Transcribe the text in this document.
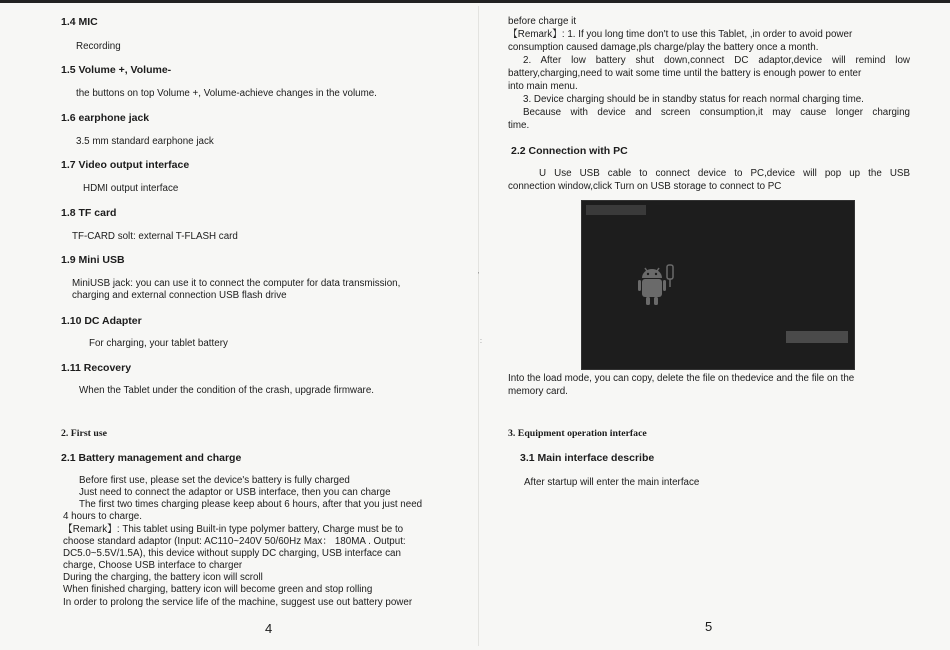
1.4 MIC
Recording
1.5 Volume +, Volume-
the buttons on top Volume +, Volume-achieve changes in the volume.
1.6 earphone jack
3.5 mm standard earphone jack
1.7 Video output interface
HDMI output interface
1.8 TF card
TF-CARD solt: external T-FLASH card
1.9 Mini USB
MiniUSB jack: you can use it to connect the computer for data transmission,
charging and external connection USB flash drive
1.10 DC Adapter
For charging, your tablet battery
1.11 Recovery
When the Tablet under the condition of the crash, upgrade firmware.
2. First use
2.1 Battery management and charge
Before first use, please set the device's battery is fully charged
Just need to connect the adaptor or USB interface, then you can charge
The first two times charging please keep about 6 hours, after that you just need
4 hours to charge.
【Remark】: This tablet using Built-in type polymer battery, Charge must be to
choose standard adaptor (Input: AC110~240V 50/60Hz Max： 180MA . Output:
DC5.0~5.5V/1.5A), this device without supply DC charging, USB interface can
charge, Choose USB interface to charger
During the charging, the battery icon will scroll
When finished charging, battery icon will become green and stop rolling
In order to prolong the service life of the machine, suggest use out battery power
4
before charge it
【Remark】: 1. If you long time don't to use this Tablet, ,in order to avoid power
consumption caused damage,pls charge/play the battery once a month.
2. After low battery shut down,connect DC adaptor,device will remind low
battery,charging,need to wait some time until the battery is enough power to enter
into main menu.
3. Device charging should be in standby status for reach normal charging time.
Because with device and screen consumption,it may cause longer charging
time.
2.2 Connection with PC
U Use USB cable to connect device to PC,device will pop up the USB
connection window,click Turn on USB storage to connect to PC
Into the load mode, you can copy, delete the file on thedevice and the file on the
memory card.
3. Equipment operation interface
3.1 Main interface describe
After startup will enter the main interface
5
'
:
